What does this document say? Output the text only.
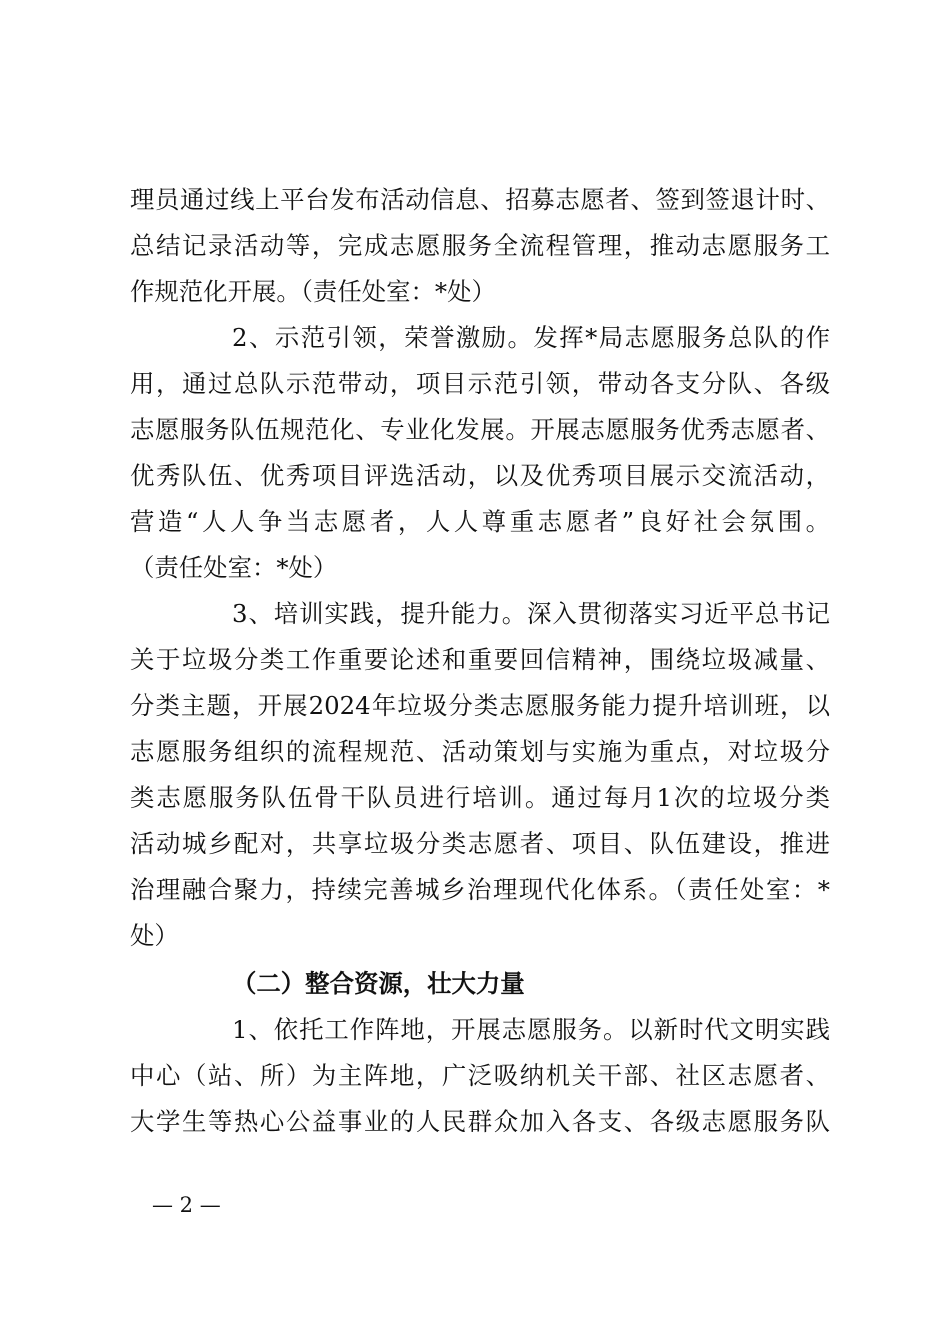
理员通过线上平台发布活动信息、招募志愿者、签到签退计时、
总结记录活动等，完成志愿服务全流程管理，推动志愿服务工
作规范化开展。（责任处室：*处）
2、示范引领，荣誉激励。发挥*局志愿服务总队的作
用，通过总队示范带动，项目示范引领，带动各支分队、各级
志愿服务队伍规范化、专业化发展。开展志愿服务优秀志愿者、
优秀队伍、优秀项目评选活动，以及优秀项目展示交流活动，
营造“人人争当志愿者，人人尊重志愿者”良好社会氛围。
（责任处室：*处）
3、培训实践，提升能力。深入贯彻落实习近平总书记
关于垃圾分类工作重要论述和重要回信精神，围绕垃圾减量、
分类主题，开展2024年垃圾分类志愿服务能力提升培训班，以
志愿服务组织的流程规范、活动策划与实施为重点，对垃圾分
类志愿服务队伍骨干队员进行培训。通过每月1次的垃圾分类
活动城乡配对，共享垃圾分类志愿者、项目、队伍建设，推进
治理融合聚力，持续完善城乡治理现代化体系。（责任处室：*
处）
（二）整合资源，壮大力量
1、依托工作阵地，开展志愿服务。以新时代文明实践
中心（站、所）为主阵地，广泛吸纳机关干部、社区志愿者、
大学生等热心公益事业的人民群众加入各支、各级志愿服务队
— 2 —
